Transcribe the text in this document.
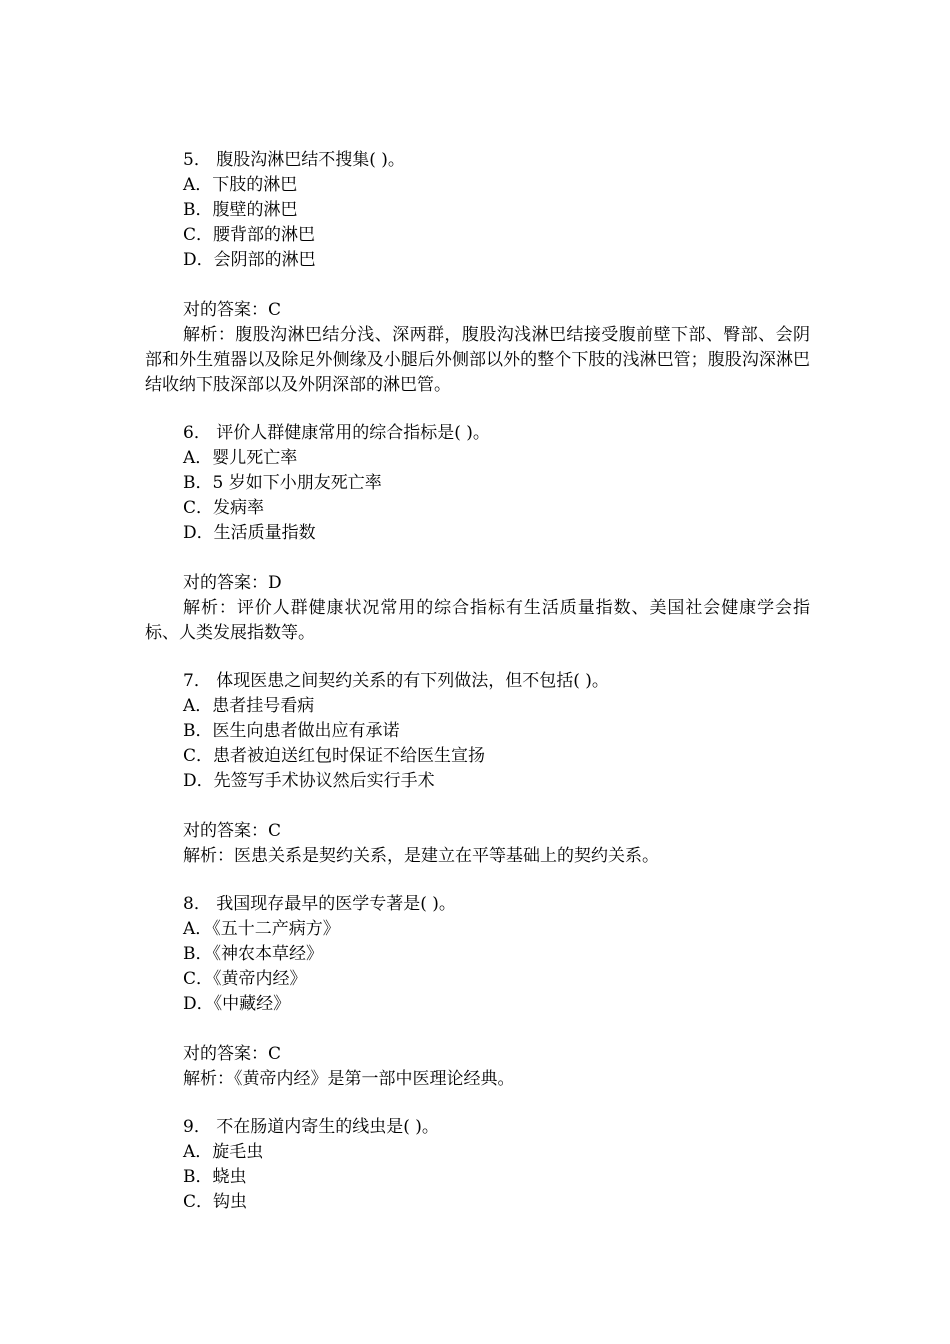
5． 腹股沟淋巴结不搜集( )。
A．下肢的淋巴
B．腹壁的淋巴
C．腰背部的淋巴
D．会阴部的淋巴
对的答案：C
解析：腹股沟淋巴结分浅、深两群，腹股沟浅淋巴结接受腹前壁下部、臀部、会阴部和外生殖器以及除足外侧缘及小腿后外侧部以外的整个下肢的浅淋巴管；腹股沟深淋巴结收纳下肢深部以及外阴深部的淋巴管。
6． 评价人群健康常用的综合指标是( )。
A．婴儿死亡率
B．5 岁如下小朋友死亡率
C．发病率
D．生活质量指数
对的答案：D
解析：评价人群健康状况常用的综合指标有生活质量指数、美国社会健康学会指标、人类发展指数等。
7． 体现医患之间契约关系的有下列做法，但不包括( )。
A．患者挂号看病
B．医生向患者做出应有承诺
C．患者被迫送红包时保证不给医生宣扬
D．先签写手术协议然后实行手术
对的答案：C
解析：医患关系是契约关系，是建立在平等基础上的契约关系。
8． 我国现存最早的医学专著是( )。
A．《五十二产病方》
B．《神农本草经》
C．《黄帝内经》
D．《中藏经》
对的答案：C
解析：《黄帝内经》是第一部中医理论经典。
9． 不在肠道内寄生的线虫是( )。
A．旋毛虫
B．蛲虫
C．钩虫
